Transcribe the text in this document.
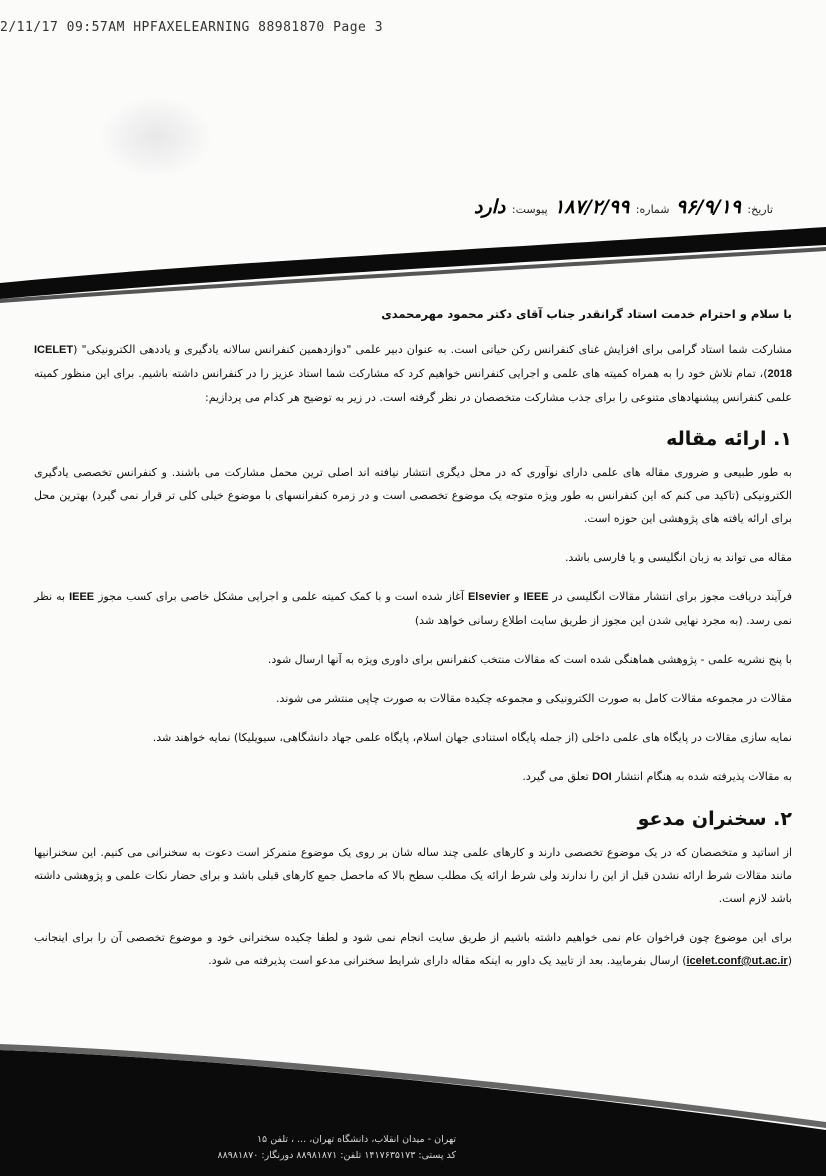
2/11/17 09:57AM HPFAXELEARNING 88981870 Page 3
تاریخ: ۹۶/۹/۱۹ شماره: ۱۸۷/۲/۹۹ پیوست: دارد

با سلام و احترام خدمت استاد گرانقدر جناب آقای دکتر محمود مهرمحمدی

مشارکت شما استاد گرامی برای افزایش غنای کنفرانس رکن حیاتی است. به عنوان دبیر علمی "دوازدهمین کنفرانس سالانه یادگیری و یاددهی الکترونیکی" (ICELET 2018)، تمام تلاش خود را به همراه کمیته های علمی و اجرایی کنفرانس خواهیم کرد که مشارکت شما استاد عزیز را در کنفرانس داشته باشیم. برای این منظور کمیته علمی کنفرانس پیشنهادهای متنوعی را برای جذب مشارکت متخصصان در نظر گرفته است. در زیر به توضیح هر کدام می پردازیم:

۱. ارائه مقاله

به طور طبیعی و ضروری مقاله های علمی دارای نوآوری که در محل دیگری انتشار نیافته اند اصلی ترین محمل مشارکت می باشند. و کنفرانس تخصصی یادگیری الکترونیکی (تاکید می کنم که این کنفرانس به طور ویژه متوجه یک موضوع تخصصی است و در زمره کنفرانسهای با موضوع خیلی کلی تر قرار نمی گیرد) بهترین محل برای ارائه یافته های پژوهشی این حوزه است.

مقاله می تواند به زبان انگلیسی و یا فارسی باشد.

فرآیند دریافت مجوز برای انتشار مقالات انگلیسی در IEEE و Elsevier آغاز شده است و با کمک کمیته علمی و اجرایی مشکل خاصی برای کسب مجوز IEEE به نظر نمی رسد. (به مجرد نهایی شدن این مجوز از طریق سایت اطلاع رسانی خواهد شد)

با پنج نشریه علمی - پژوهشی هماهنگی شده است که مقالات منتخب کنفرانس برای داوری ویژه به آنها ارسال شود.

مقالات در مجموعه مقالات کامل به صورت الکترونیکی و مجموعه چکیده مقالات به صورت چاپی منتشر می شوند.

نمایه سازی مقالات در پایگاه های علمی داخلی (از جمله پایگاه استنادی جهان اسلام، پایگاه علمی جهاد دانشگاهی، سیویلیکا) نمایه خواهند شد.

به مقالات پذیرفته شده به هنگام انتشار DOI تعلق می گیرد.

۲. سخنران مدعو

از اساتید و متخصصان که در یک موضوع تخصصی دارند و کارهای علمی چند ساله شان بر روی یک موضوع متمرکز است دعوت به سخنرانی می کنیم. این سخنرانیها مانند مقالات شرط ارائه نشدن قبل از این را ندارند ولی شرط ارائه یک مطلب سطح بالا که ماحصل جمع کارهای قبلی باشد و برای حضار نکات علمی و پژوهشی داشته باشد لازم است.

برای این موضوع چون فراخوان عام نمی خواهیم داشته باشیم از طریق سایت انجام نمی شود و لطفا چکیده سخنرانی خود و موضوع تخصصی آن را برای اینجانب (icelet.conf@ut.ac.ir) ارسال بفرمایید. بعد از تایید یک داور به اینکه مقاله دارای شرایط سخنرانی مدعو است پذیرفته می شود.

تهران - میدان انقلاب، دانشگاه تهران، ... ، تلفن ۱۵
کد پستی: ۱۴۱۷۶۳۵۱۷۳ تلفن: ۸۸۹۸۱۸۷۱ دورنگار: ۸۸۹۸۱۸۷۰
